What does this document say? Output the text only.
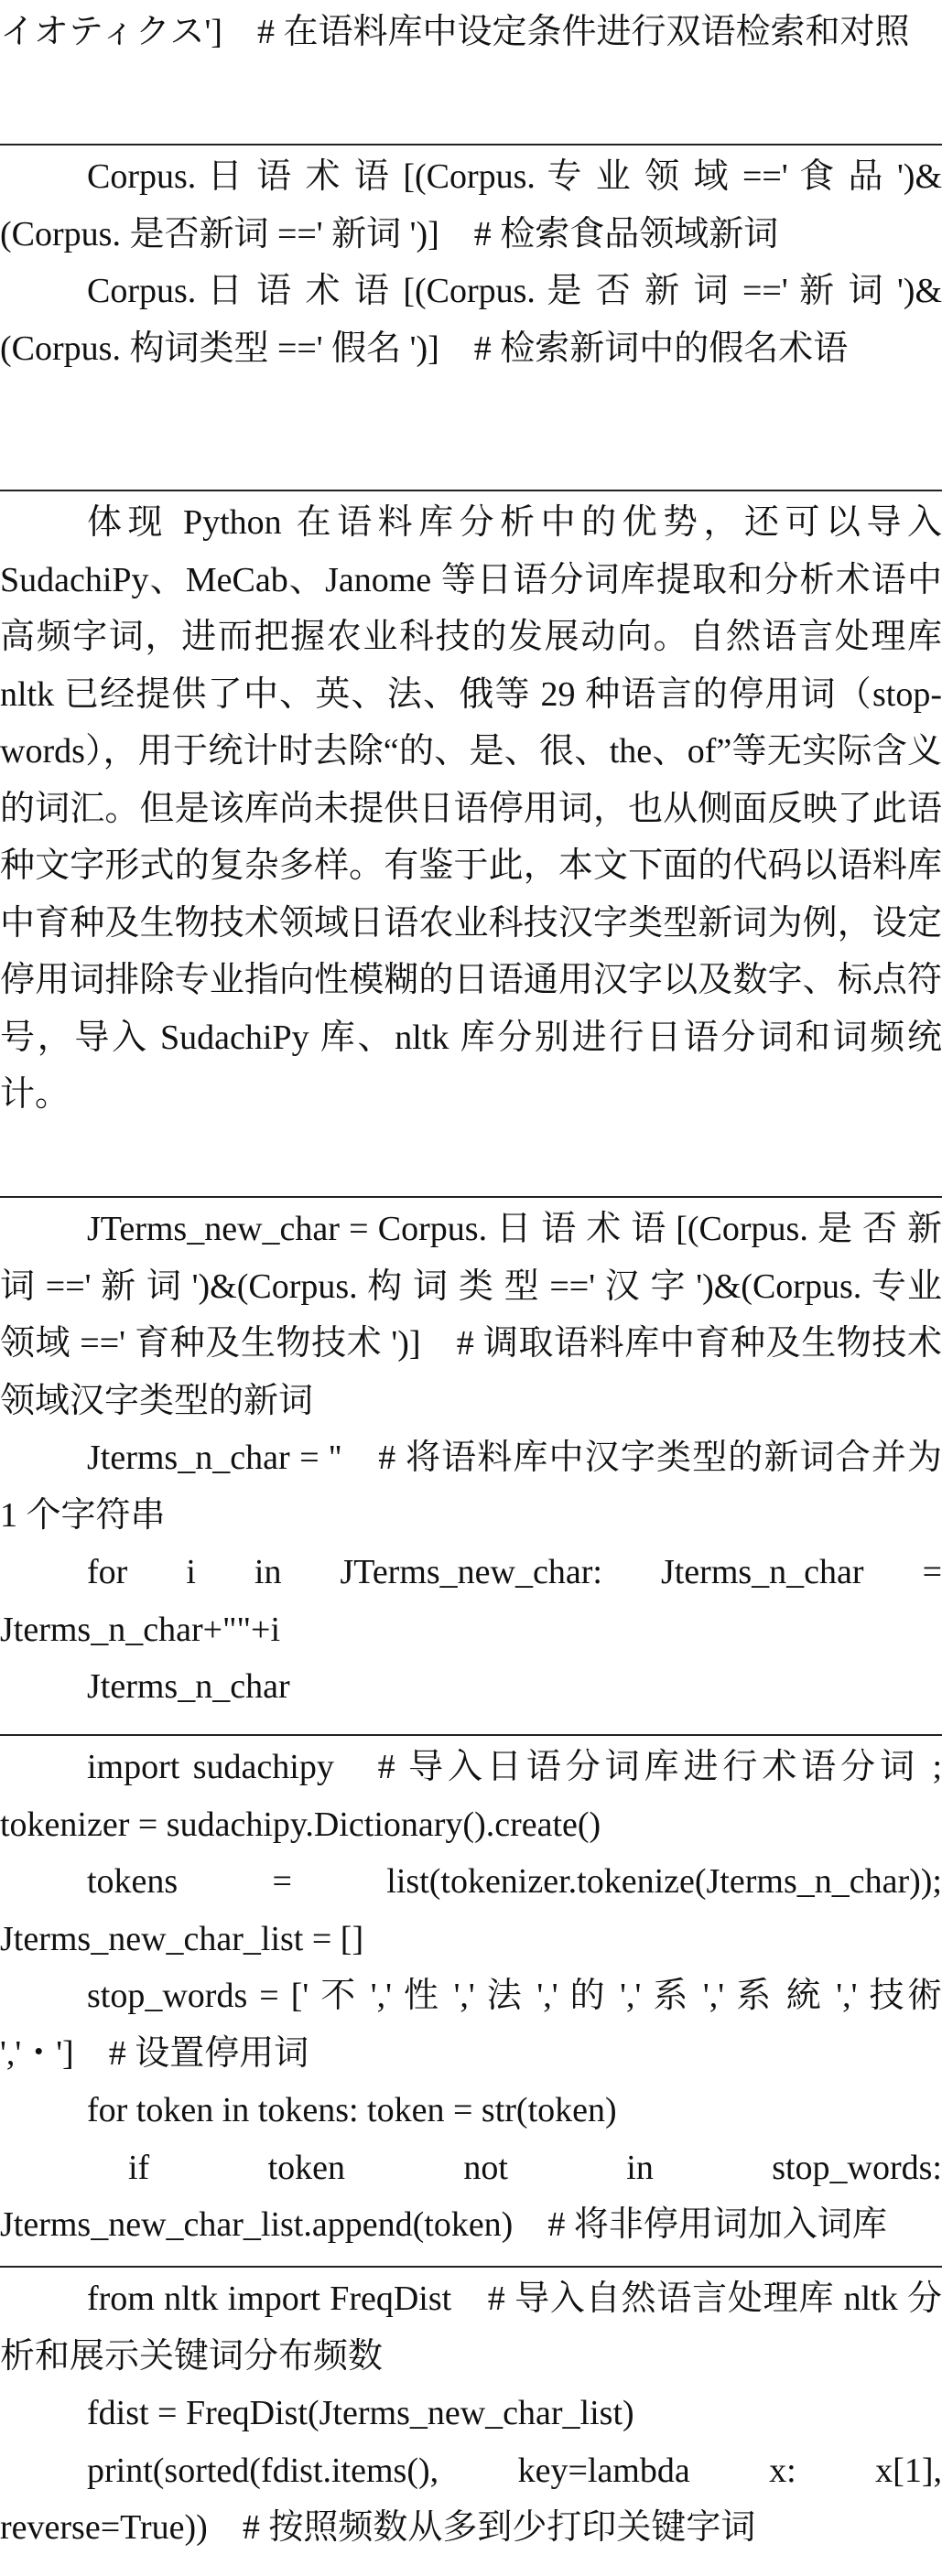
イオティクス']　# 在语料库中设定条件进行双语检索和对照

Corpus. 日 语 术 语 [(Corpus. 专 业 领 域 ==' 食 品 ')&(Corpus. 是否新词 ==' 新词 ')]　# 检索食品领域新词

Corpus. 日 语 术 语 [(Corpus. 是 否 新 词 ==' 新 词 ')&(Corpus. 构词类型 ==' 假名 ')]　# 检索新词中的假名术语

体现 Python 在语料库分析中的优势，还可以导入 SudachiPy、MeCab、Janome 等日语分词库提取和分析术语中高频字词，进而把握农业科技的发展动向。自然语言处理库 nltk 已经提供了中、英、法、俄等 29 种语言的停用词（stop-words），用于统计时去除“的、是、很、the、of”等无实际含义的词汇。但是该库尚未提供日语停用词，也从侧面反映了此语种文字形式的复杂多样。有鉴于此，本文下面的代码以语料库中育种及生物技术领域日语农业科技汉字类型新词为例，设定停用词排除专业指向性模糊的日语通用汉字以及数字、标点符号，导入 SudachiPy 库、nltk 库分别进行日语分词和词频统计。

JTerms_new_char = Corpus. 日 语 术 语 [(Corpus. 是 否 新 词 ==' 新 词 ')&(Corpus. 构 词 类 型 ==' 汉 字 ')&(Corpus. 专业领域 ==' 育种及生物技术 ')]　# 调取语料库中育种及生物技术领域汉字类型的新词

Jterms_n_char = ''　# 将语料库中汉字类型的新词合并为 1 个字符串

for i in JTerms_new_char: Jterms_n_char = Jterms_n_char+""+i

Jterms_n_char

import sudachipy　# 导入日语分词库进行术语分词 ; tokenizer = sudachipy.Dictionary().create()

tokens = list(tokenizer.tokenize(Jterms_n_char)); Jterms_new_char_list = []

stop_words = [' 不 ',' 性 ',' 法 ',' 的 ',' 系 ',' 系 統 ',' 技術 ','・']　# 设置停用词

for token in tokens: token = str(token)

if token not in stop_words: Jterms_new_char_list.append(token)　# 将非停用词加入词库

from nltk import FreqDist　# 导入自然语言处理库 nltk 分析和展示关键词分布频数

fdist = FreqDist(Jterms_new_char_list)

print(sorted(fdist.items(), key=lambda x: x[1], reverse=True))　# 按照频数从多到少打印关键字词
